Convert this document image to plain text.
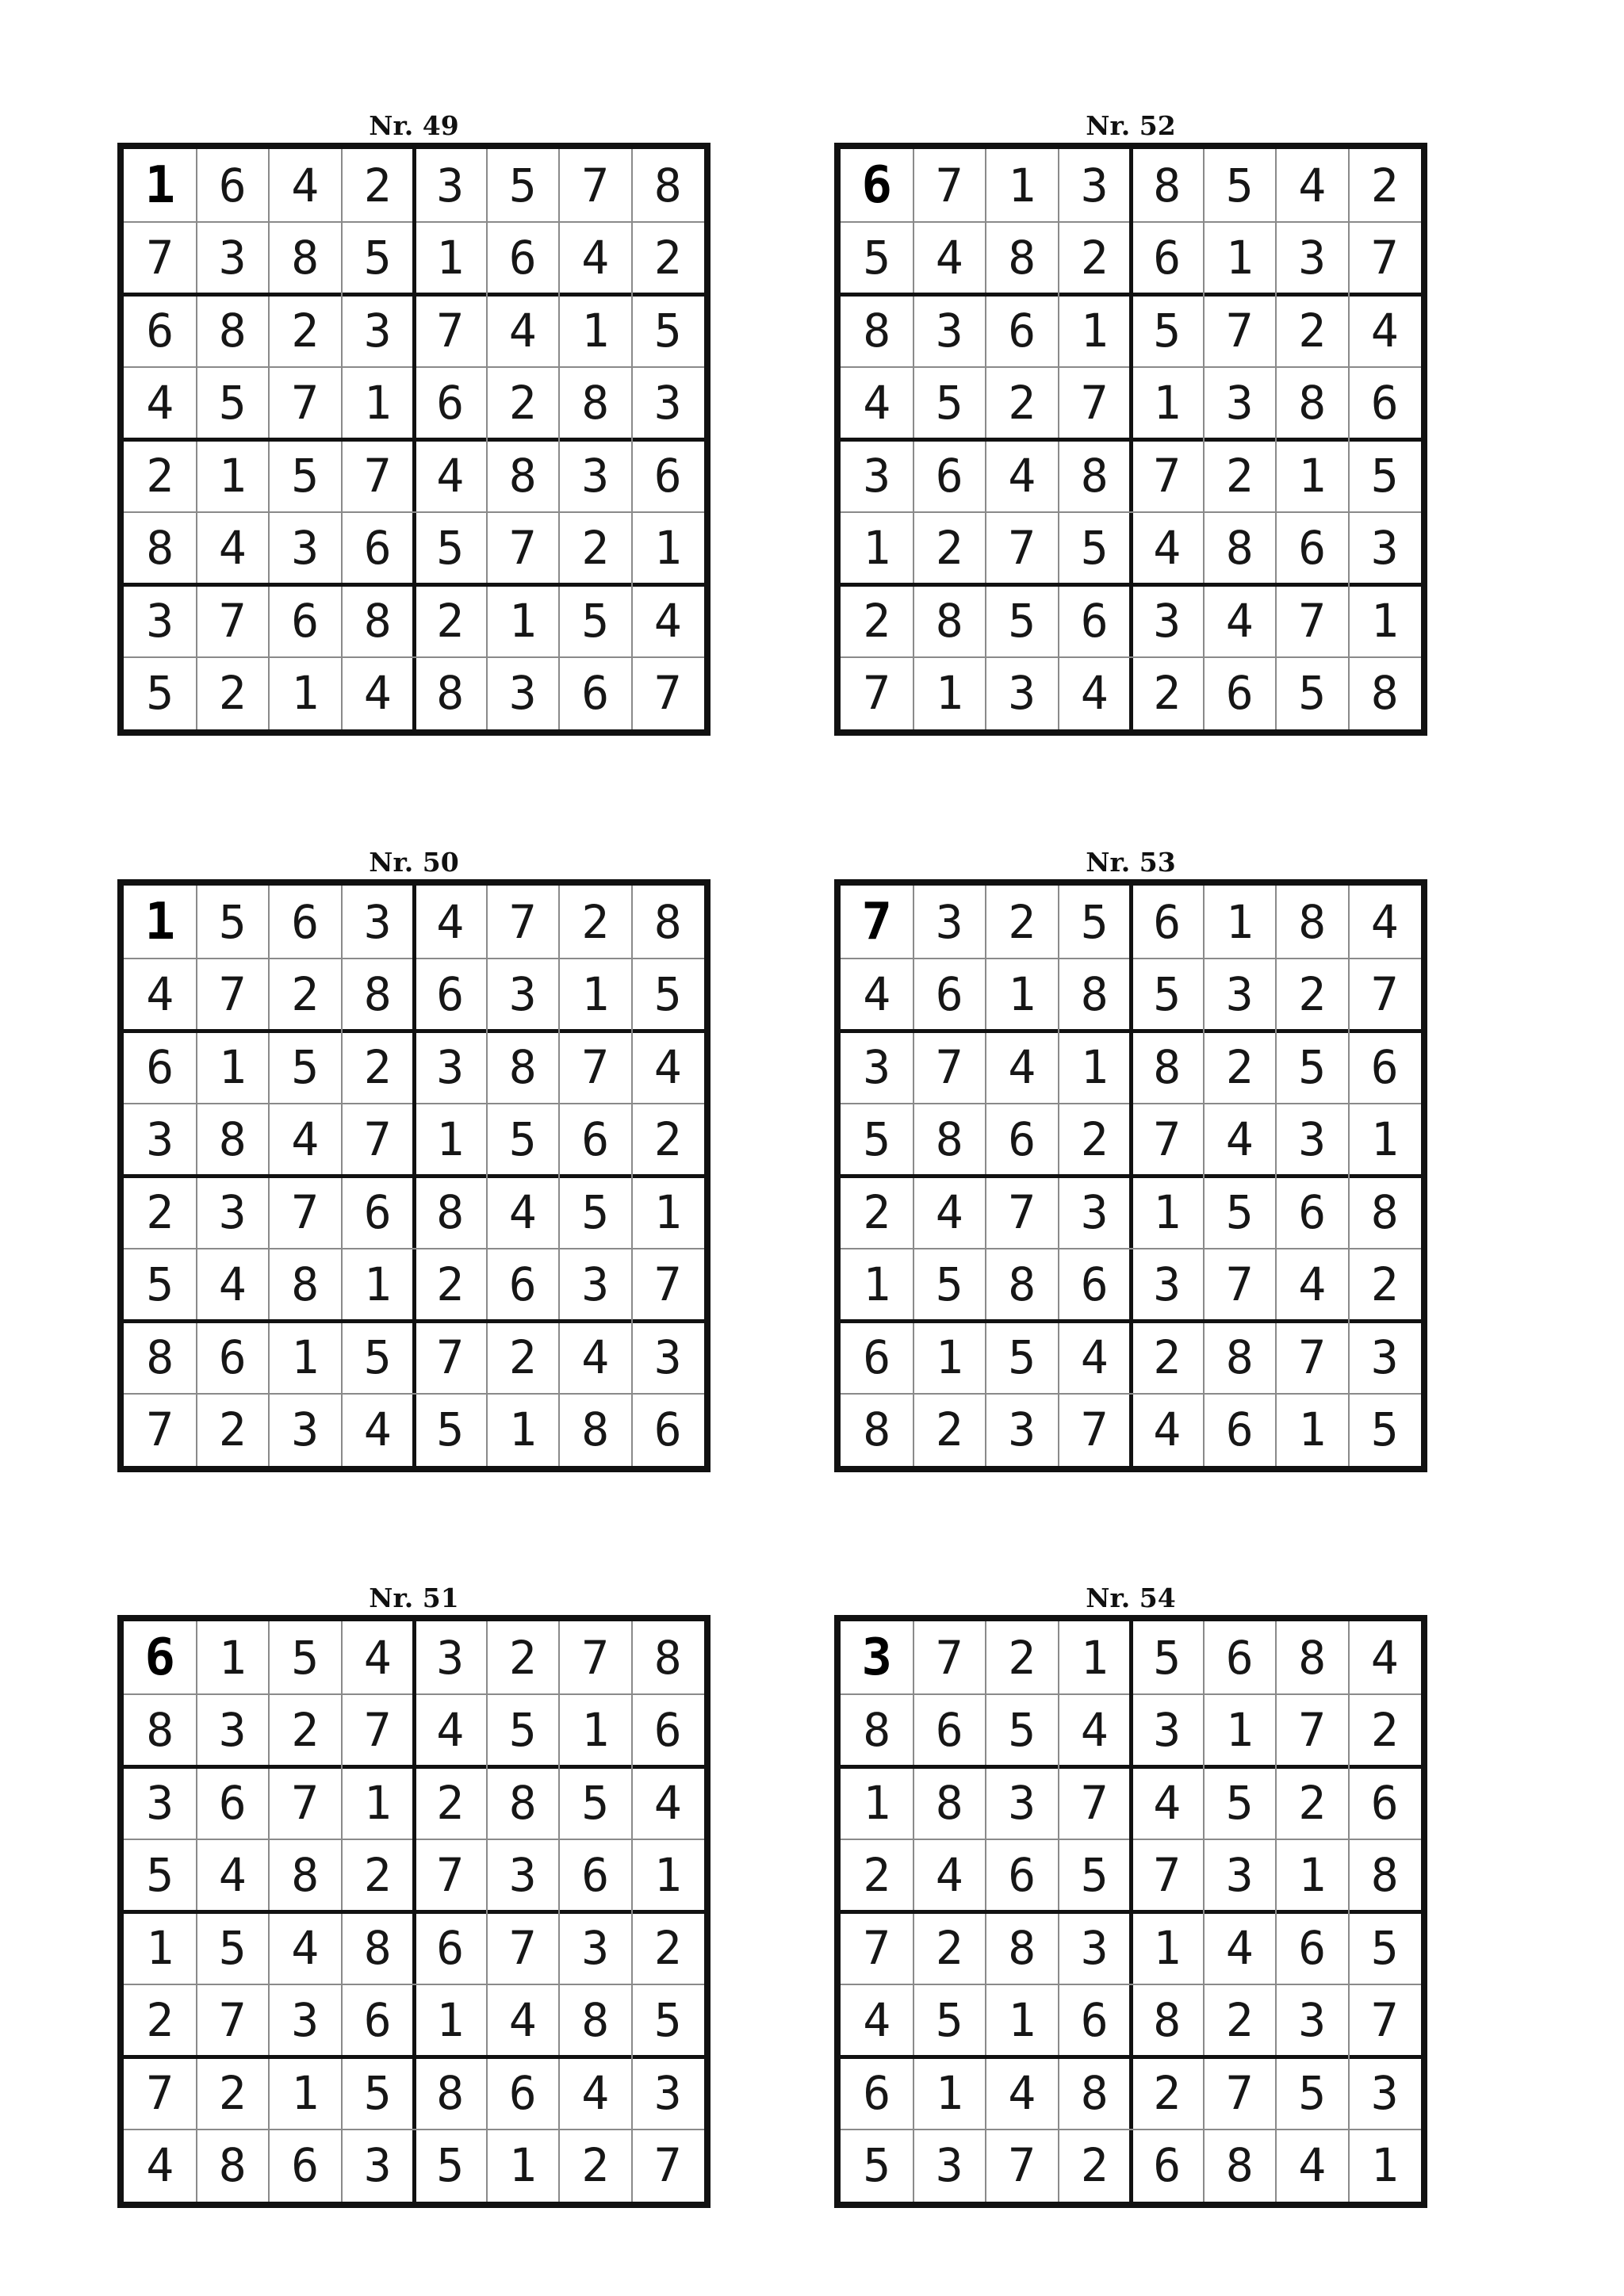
Nr. 49
1 6 4 2 3 5 7 8
7 3 8 5 1 6 4 2
6 8 2 3 7 4 1 5
4 5 7 1 6 2 8 3
2 1 5 7 4 8 3 6
8 4 3 6 5 7 2 1
3 7 6 8 2 1 5 4
5 2 1 4 8 3 6 7
Nr. 52
6 7 1 3 8 5 4 2
5 4 8 2 6 1 3 7
8 3 6 1 5 7 2 4
4 5 2 7 1 3 8 6
3 6 4 8 7 2 1 5
1 2 7 5 4 8 6 3
2 8 5 6 3 4 7 1
7 1 3 4 2 6 5 8
Nr. 50
1 5 6 3 4 7 2 8
4 7 2 8 6 3 1 5
6 1 5 2 3 8 7 4
3 8 4 7 1 5 6 2
2 3 7 6 8 4 5 1
5 4 8 1 2 6 3 7
8 6 1 5 7 2 4 3
7 2 3 4 5 1 8 6
Nr. 53
7 3 2 5 6 1 8 4
4 6 1 8 5 3 2 7
3 7 4 1 8 2 5 6
5 8 6 2 7 4 3 1
2 4 7 3 1 5 6 8
1 5 8 6 3 7 4 2
6 1 5 4 2 8 7 3
8 2 3 7 4 6 1 5
Nr. 51
6 1 5 4 3 2 7 8
8 3 2 7 4 5 1 6
3 6 7 1 2 8 5 4
5 4 8 2 7 3 6 1
1 5 4 8 6 7 3 2
2 7 3 6 1 4 8 5
7 2 1 5 8 6 4 3
4 8 6 3 5 1 2 7
Nr. 54
3 7 2 1 5 6 8 4
8 6 5 4 3 1 7 2
1 8 3 7 4 5 2 6
2 4 6 5 7 3 1 8
7 2 8 3 1 4 6 5
4 5 1 6 8 2 3 7
6 1 4 8 2 7 5 3
5 3 7 2 6 8 4 1
